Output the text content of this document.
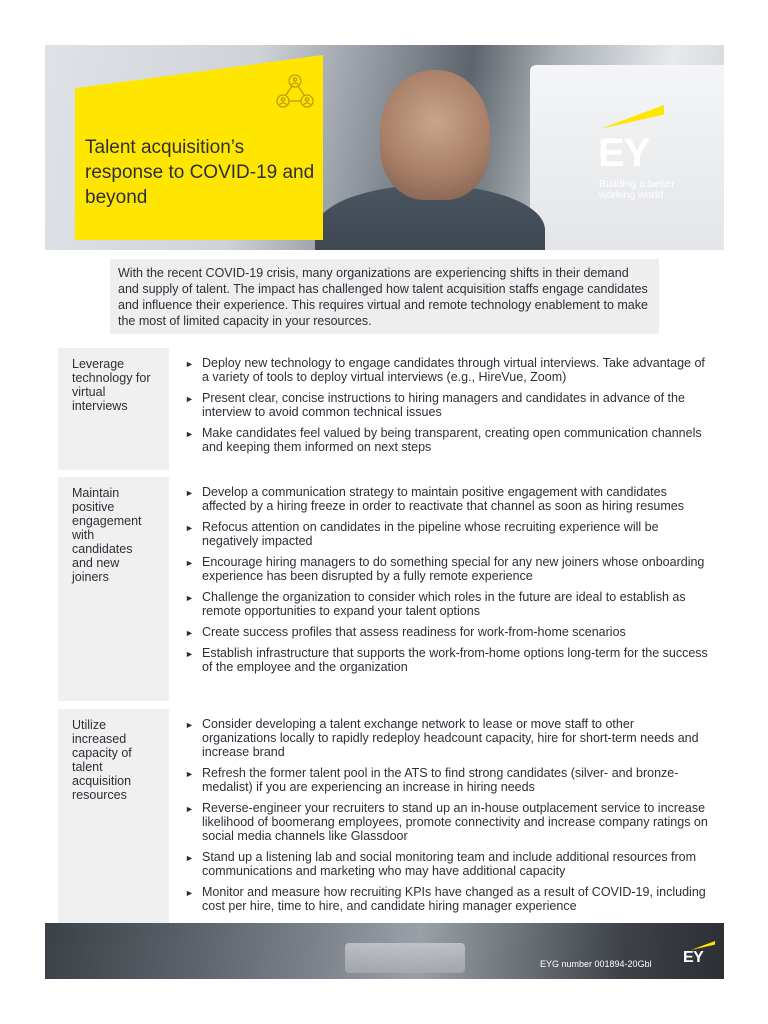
Talent acquisition’s response to COVID-19 and beyond
EY
Building a better working world
With the recent COVID-19 crisis, many organizations are experiencing shifts in their demand and supply of talent. The impact has challenged how talent acquisition staffs engage candidates and influence their experience. This requires virtual and remote technology enablement to make the most of limited capacity in your resources.
Leverage technology for virtual interviews
► Deploy new technology to engage candidates through virtual interviews. Take advantage of a variety of tools to deploy virtual interviews (e.g., HireVue, Zoom)
► Present clear, concise instructions to hiring managers and candidates in advance of the interview to avoid common technical issues
► Make candidates feel valued by being transparent, creating open communication channels and keeping them informed on next steps
Maintain positive engagement with candidates and new joiners
► Develop a communication strategy to maintain positive engagement with candidates affected by a hiring freeze in order to reactivate that channel as soon as hiring resumes
► Refocus attention on candidates in the pipeline whose recruiting experience will be negatively impacted
► Encourage hiring managers to do something special for any new joiners whose onboarding experience has been disrupted by a fully remote experience
► Challenge the organization to consider which roles in the future are ideal to establish as remote opportunities to expand your talent options
► Create success profiles that assess readiness for work-from-home scenarios
► Establish infrastructure that supports the work-from-home options long-term for the success of the employee and the organization
Utilize increased capacity of talent acquisition resources
► Consider developing a talent exchange network to lease or move staff to other organizations locally to rapidly redeploy headcount capacity, hire for short-term needs and increase brand
► Refresh the former talent pool in the ATS to find strong candidates (silver- and bronze-medalist) if you are experiencing an increase in hiring needs
► Reverse-engineer your recruiters to stand up an in-house outplacement service to increase likelihood of boomerang employees, promote connectivity and increase company ratings on social media channels like Glassdoor
► Stand up a listening lab and social monitoring team and include additional resources from communications and marketing who may have additional capacity
► Monitor and measure how recruiting KPIs have changed as a result of COVID-19, including cost per hire, time to hire, and candidate hiring manager experience
EYG number 001894-20Gbl EY
